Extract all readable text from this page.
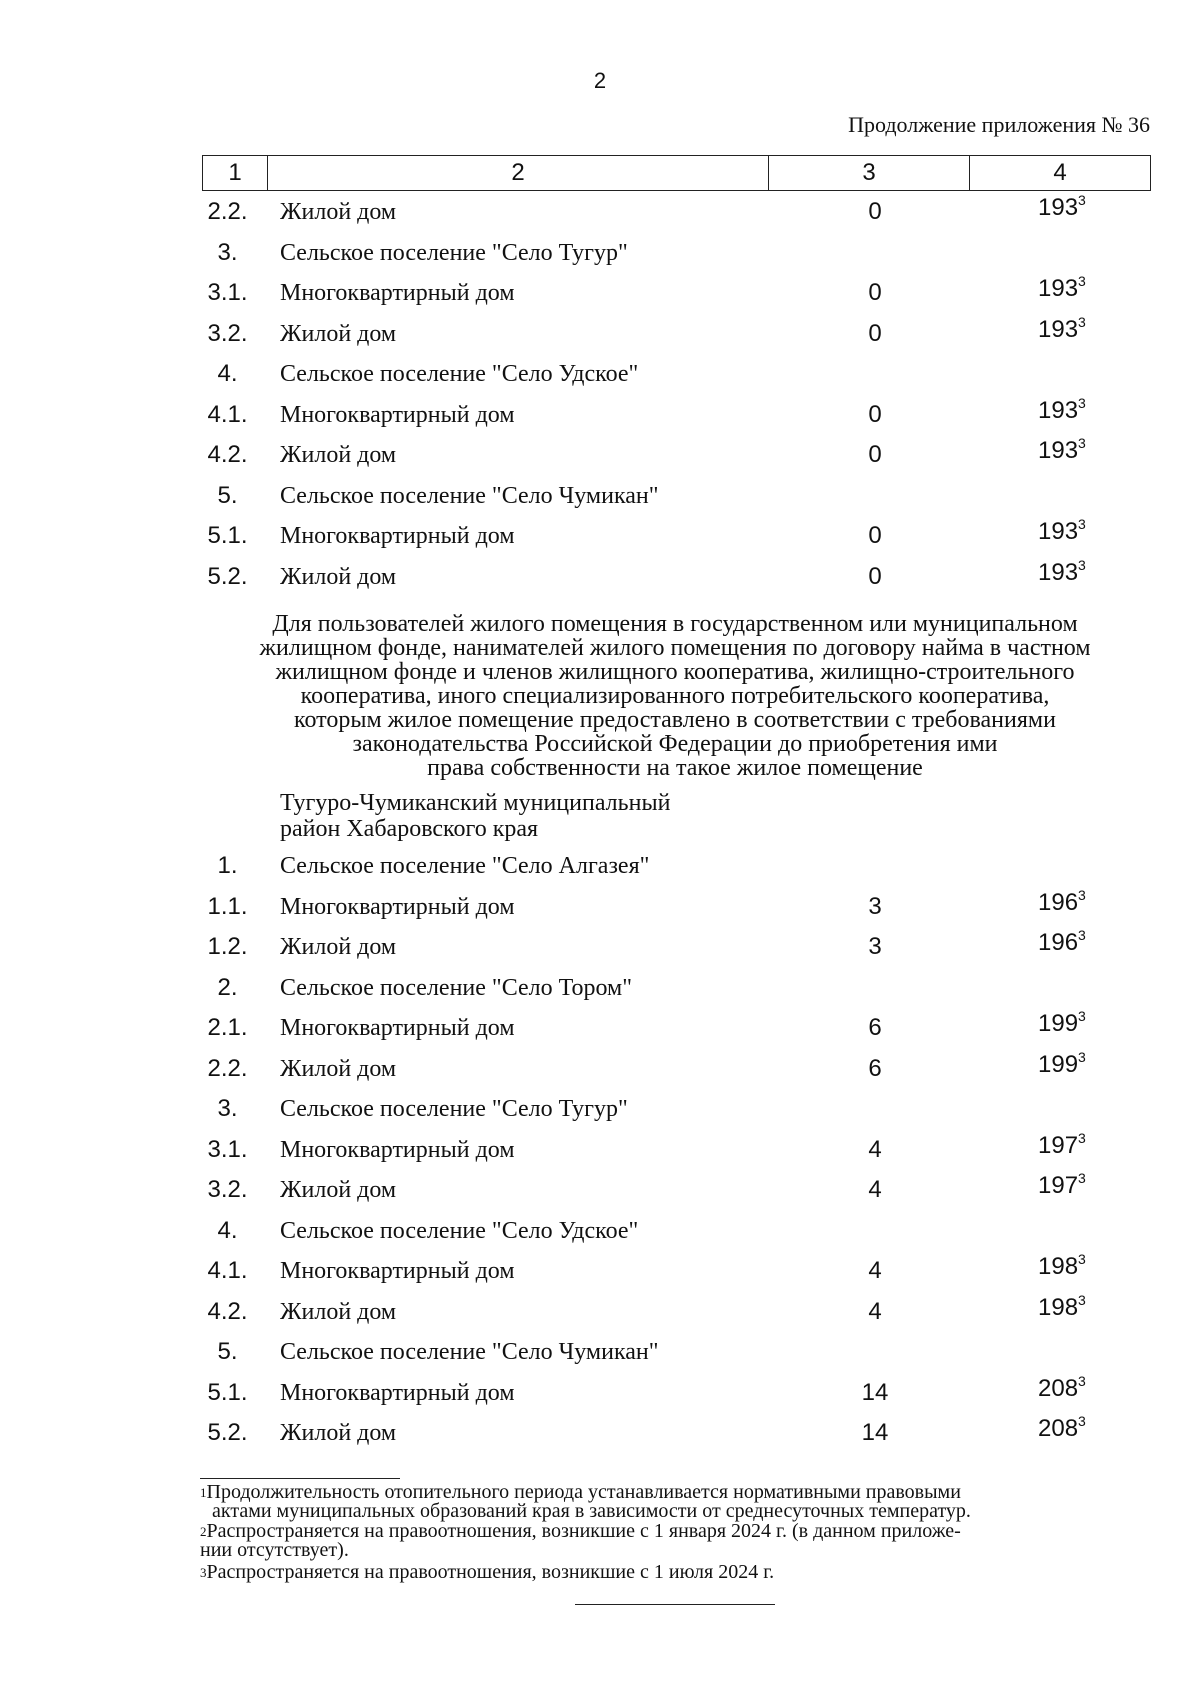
2
Продолжение приложения № 36
1	2	3	4
2.2.	Жилой дом	0	$193^3$
3.	Сельское поселение "Село Тугур"
3.1.	Многоквартирный дом	0	$193^3$
3.2.	Жилой дом	0	$193^3$
4.	Сельское поселение "Село Удское"
4.1.	Многоквартирный дом	0	$193^3$
4.2.	Жилой дом	0	$193^3$
5.	Сельское поселение "Село Чумикан"
5.1.	Многоквартирный дом	0	$193^3$
5.2.	Жилой дом	0	$193^3$
Для пользователей жилого помещения в государственном или муниципальном
жилищном фонде, нанимателей жилого помещения по договору найма в частном
жилищном фонде и членов жилищного кооператива, жилищно-строительного
кооператива, иного специализированного потребительского кооператива,
которым жилое помещение предоставлено в соответствии с требованиями
законодательства Российской Федерации до приобретения ими
права собственности на такое жилое помещение
Тугуро-Чумиканский муниципальный
район Хабаровского края
1.	Сельское поселение "Село Алгазея"
1.1.	Многоквартирный дом	3	$196^3$
1.2.	Жилой дом	3	$196^3$
2.	Сельское поселение "Село Тором"
2.1.	Многоквартирный дом	6	$199^3$
2.2.	Жилой дом	6	$199^3$
3.	Сельское поселение "Село Тугур"
3.1.	Многоквартирный дом	4	$197^3$
3.2.	Жилой дом	4	$197^3$
4.	Сельское поселение "Село Удское"
4.1.	Многоквартирный дом	4	$198^3$
4.2.	Жилой дом	4	$198^3$
5.	Сельское поселение "Село Чумикан"
5.1.	Многоквартирный дом	14	$208^3$
5.2.	Жилой дом	14	$208^3$
$^1$Продолжительность отопительного периода устанавливается нормативными правовыми
актами муниципальных образований края в зависимости от среднесуточных температур.
$^2$Распространяется на правоотношения, возникшие с 1 января 2024 г. (в данном приложе-
нии отсутствует).
$^3$Распространяется на правоотношения, возникшие с 1 июля 2024 г.
